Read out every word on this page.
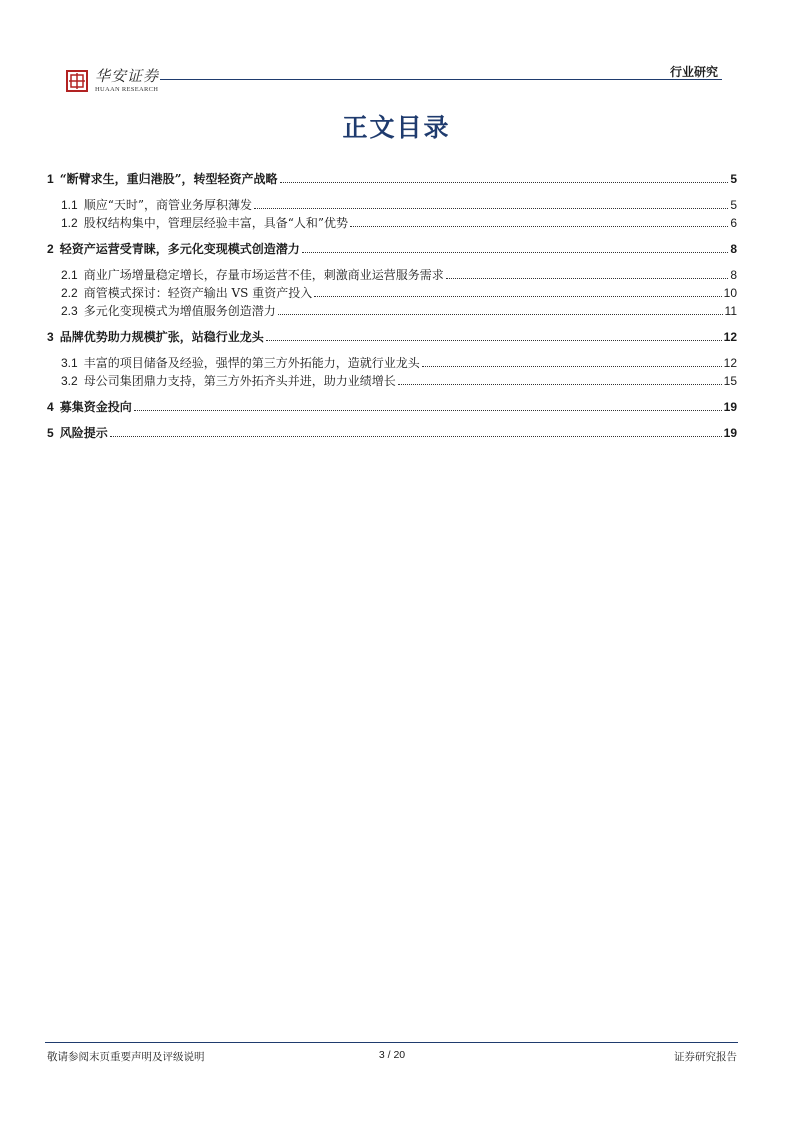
华安证券
HUAAN RESEARCH
行业研究
正文目录
1 “断臂求生，重归港股”，转型轻资产战略	5
1.1 顺应“天时”，商管业务厚积薄发	5
1.2 股权结构集中，管理层经验丰富，具备“人和”优势	6
2 轻资产运营受青睐，多元化变现模式创造潜力	8
2.1 商业广场增量稳定增长，存量市场运营不佳，刺激商业运营服务需求	8
2.2 商管模式探讨：轻资产输出 VS 重资产投入	10
2.3 多元化变现模式为增值服务创造潜力	11
3 品牌优势助力规模扩张，站稳行业龙头	12
3.1 丰富的项目储备及经验，强悍的第三方外拓能力，造就行业龙头	12
3.2 母公司集团鼎力支持，第三方外拓齐头并进，助力业绩增长	15
4 募集资金投向	19
5 风险提示	19
敬请参阅末页重要声明及评级说明	3 / 20	证券研究报告
